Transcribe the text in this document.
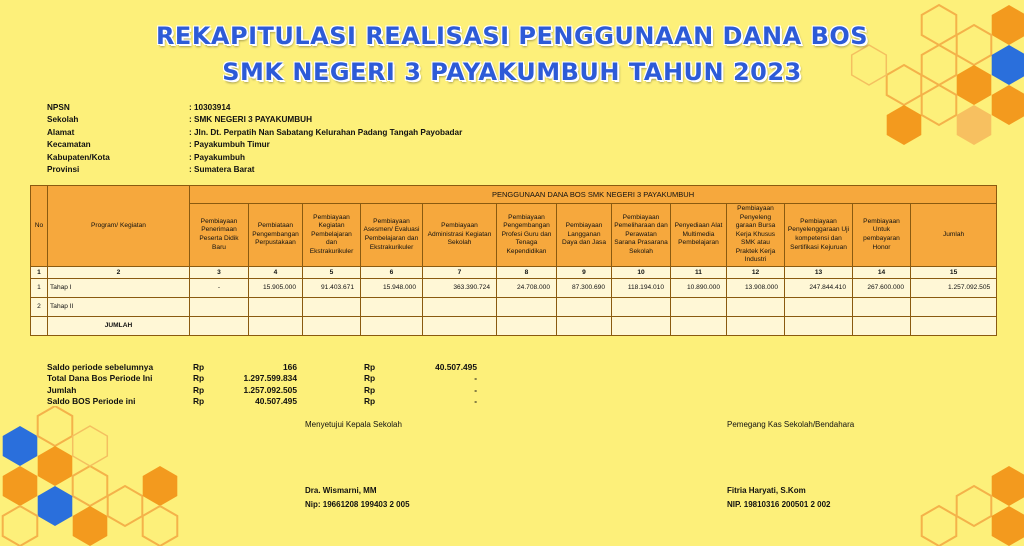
REKAPITULASI REALISASI PENGGUNAAN DANA BOS
SMK NEGERI 3 PAYAKUMBUH TAHUN 2023
NPSN	: 10303914
Sekolah	: SMK NEGERI 3 PAYAKUMBUH
Alamat	: Jln. Dt. Perpatih Nan Sabatang Kelurahan Padang Tangah Payobadar
Kecamatan	: Payakumbuh Timur
Kabupaten/Kota	: Payakumbuh
Provinsi	: Sumatera Barat
No	Program/ Kegiatan	PENGGUNAAN DANA BOS SMK NEGERI 3 PAYAKUMBUH												
		Pembiayaan Penerimaan Peserta Didik Baru	Pembiataan Pengembangan Perpustakaan	Pembiayaan Kegiatan Pembelajaran dan Ekstrakurikuler	Pembiayaan Asesmen/ Evaluasi Pembelajaran dan Ekstrakurikuler	Pembiayaan Administrasi Kegiatan Sekolah	Pembiayaan Pengembangan Profesi Guru dan Tenaga Kependidikan	Pembiayaan Langganan Daya dan Jasa	Pembiayaan Pemeliharaan dan Perawatan Sarana Prasarana Sekolah	Penyediaan Alat Multimedia Pembelajaran	Pembiayaan Penyeleng garaan Bursa Kerja Khusus SMK atau Praktek Kerja Industri	Pembiayaan Penyelenggaraan Uji kompetensi dan Sertifikasi Kejuruan	Pembiayaan Untuk pembayaran Honor	Jumlah
1	2	3	4	5	6	7	8	9	10	11	12	13	14	15
1	Tahap I	-	15.905.000	91.403.671	15.948.000	363.390.724	24.708.000	87.300.690	118.194.010	10.890.000	13.908.000	247.844.410	267.600.000	1.257.092.505
2	Tahap II													
	JUMLAH													
Saldo periode sebelumnya	Rp	166	Rp	40.507.495
Total Dana Bos Periode Ini	Rp	1.297.599.834	Rp	-
Jumlah	Rp	1.257.092.505	Rp	-
Saldo BOS Periode ini	Rp	40.507.495	Rp	-
Menyetujui Kepala Sekolah
Dra. Wismarni, MM
Nip: 19661208 199403 2 005
Pemegang Kas Sekolah/Bendahara
Fitria Haryati, S.Kom
NIP. 19810316 200501 2 002
